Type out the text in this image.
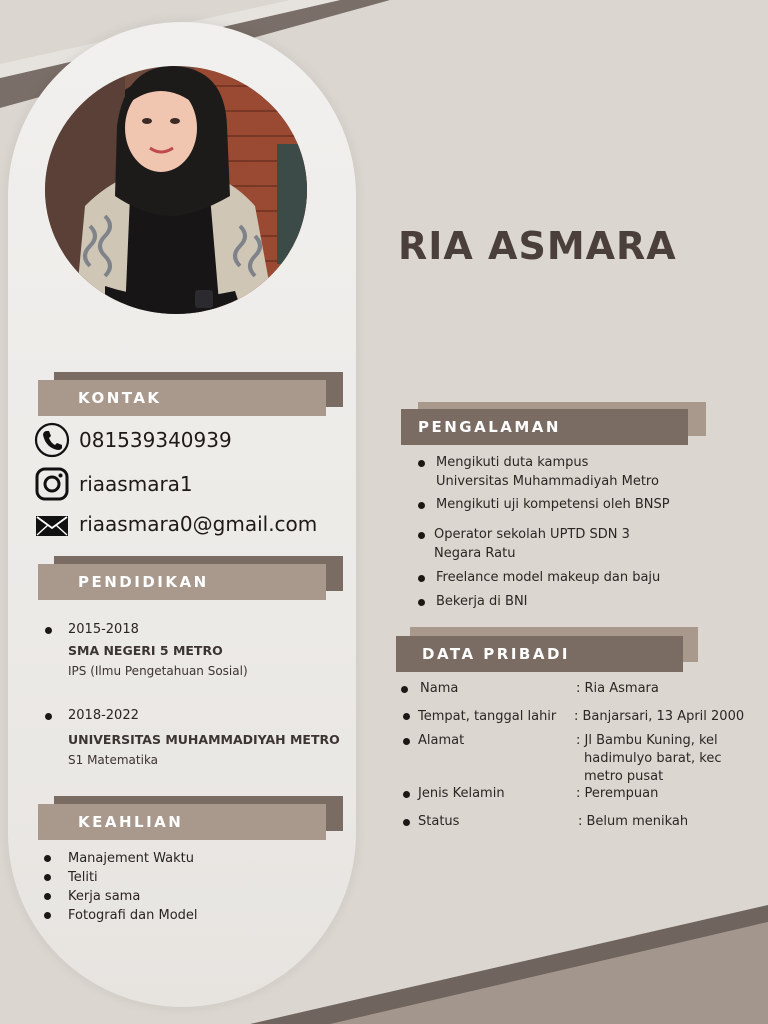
RIA ASMARA
KONTAK
081539340939
riaasmara1
riaasmara0@gmail.com
PENDIDIKAN
2015-2018
SMA NEGERI 5 METRO
IPS (Ilmu Pengetahuan Sosial)
2018-2022
UNIVERSITAS MUHAMMADIYAH METRO
S1 Matematika
KEAHLIAN
Manajement Waktu
Teliti
Kerja sama
Fotografi dan Model
PENGALAMAN
Mengikuti duta kampus
Universitas Muhammadiyah Metro
Mengikuti uji kompetensi oleh BNSP
Operator sekolah UPTD SDN 3
Negara Ratu
Freelance model makeup dan baju
Bekerja di BNI
DATA PRIBADI
Nama	: Ria Asmara
Tempat, tanggal lahir : Banjarsari, 13 April 2000
Alamat	: Jl Bambu Kuning, kel
hadimulyo barat, kec
metro pusat
Jenis Kelamin	: Perempuan
Status	: Belum menikah
